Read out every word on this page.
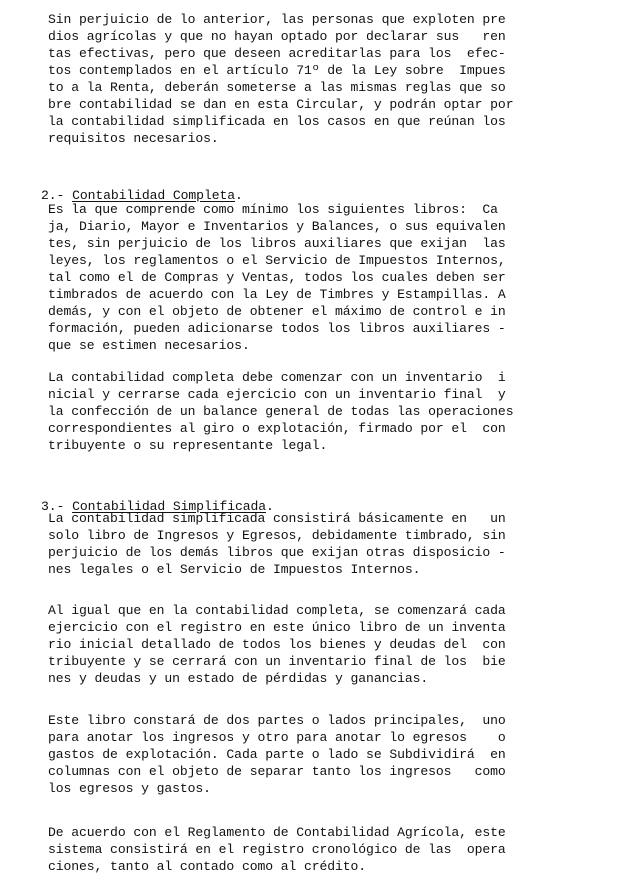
Sin perjuicio de lo anterior, las personas que exploten pre
dios agrícolas y que no hayan optado por declarar sus   ren
tas efectivas, pero que deseen acreditarlas para los  efec-
tos contemplados en el artículo 71º de la Ley sobre  Impues
to a la Renta, deberán someterse a las mismas reglas que so
bre contabilidad se dan en esta Circular, y podrán optar por
la contabilidad simplificada en los casos en que reúnan los
requisitos necesarios.

2.- Contabilidad Completa.

Es la que comprende como mínimo los siguientes libros:  Ca
ja, Diario, Mayor e Inventarios y Balances, o sus equivalen
tes, sin perjuicio de los libros auxiliares que exijan  las
leyes, los reglamentos o el Servicio de Impuestos Internos,
tal como el de Compras y Ventas, todos los cuales deben ser
timbrados de acuerdo con la Ley de Timbres y Estampillas. A
demás, y con el objeto de obtener el máximo de control e in
formación, pueden adicionarse todos los libros auxiliares -
que se estimen necesarios.
La contabilidad completa debe comenzar con un inventario  i
nicial y cerrarse cada ejercicio con un inventario final  y
la confección de un balance general de todas las operaciones
correspondientes al giro o explotación, firmado por el  con
tribuyente o su representante legal.

3.- Contabilidad Simplificada.

La contabilidad simplificada consistirá básicamente en   un
solo libro de Ingresos y Egresos, debidamente timbrado, sin
perjuicio de los demás libros que exijan otras disposicio -
nes legales o el Servicio de Impuestos Internos.
Al igual que en la contabilidad completa, se comenzará cada
ejercicio con el registro en este único libro de un inventa
rio inicial detallado de todos los bienes y deudas del  con
tribuyente y se cerrará con un inventario final de los  bie
nes y deudas y un estado de pérdidas y ganancias.
Este libro constará de dos partes o lados principales,  uno
para anotar los ingresos y otro para anotar lo egresos    o
gastos de explotación. Cada parte o lado se Subdividirá  en
columnas con el objeto de separar tanto los ingresos   como
los egresos y gastos.
De acuerdo con el Reglamento de Contabilidad Agrícola, este
sistema consistirá en el registro cronológico de las  opera
ciones, tanto al contado como al crédito.
